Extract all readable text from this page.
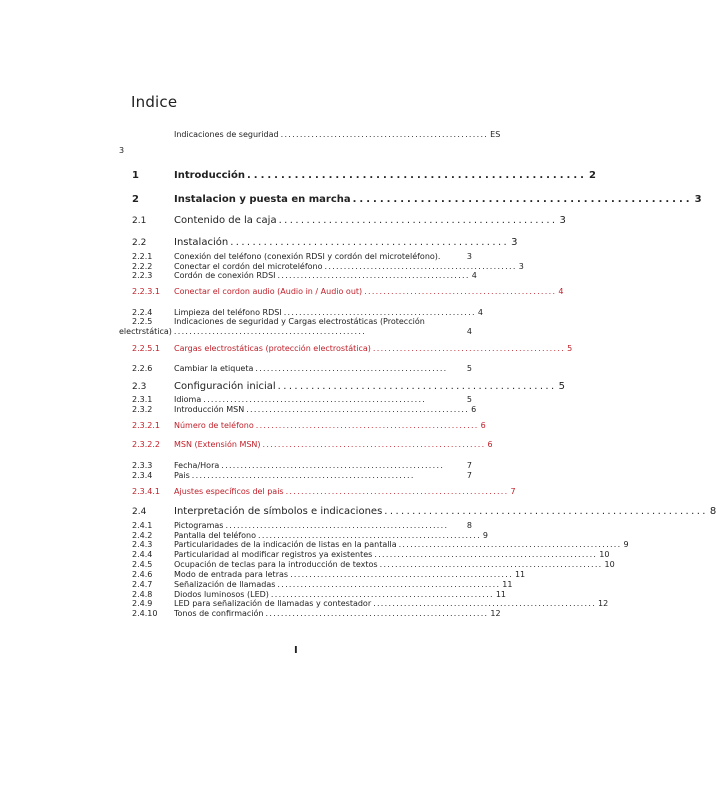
Indice
Indicaciones de seguridad ...................................................... ES
3
1	Introducción .................................................. 2
2	Instalacion y puesta en marcha .................................................. 3
2.1	Contenido de la caja .................................................. 3
2.2	Instalación .................................................. 3
2.2.1	Conexión del teléfono (conexión RDSI y cordón del microteléfono).	3
2.2.2	Conectar el cordón del microteléfono .................................................. 3
2.2.3	Cordón de conexión RDSI .................................................. 4
2.2.3.1 Conectar el cordon audio (Audio in / Audio out) .................................................. 4
2.2.4	Limpieza del teléfono RDSI .................................................. 4
2.2.5	Indicaciones de seguridad y Cargas electrostáticas (Protección
electrstática) ..................................................	4
2.2.5.1 Cargas electrostáticas (protección electrostática) .................................................. 5
2.2.6	Cambiar la etiqueta ..................................................	5
2.3	Configuración inicial .................................................. 5
2.3.1	Idioma ..........................................................	5
2.3.2	Introducción MSN .......................................................... 6
2.3.2.1 Número de teléfono .......................................................... 6
2.3.2.2 MSN (Extensión MSN) .......................................................... 6
2.3.3	Fecha/Hora ..........................................................	7
2.3.4	Pais ..........................................................	7
2.3.4.1 Ajustes específicos del pais .......................................................... 7
2.4	Interpretación de símbolos e indicaciones .......................................................... 8
2.4.1	Pictogramas ..........................................................	8
2.4.2	Pantalla del teléfono .......................................................... 9
2.4.3	Particularidades de la indicación de listas en la pantalla .......................................................... 9
2.4.4	Particularidad al modificar registros ya existentes .......................................................... 10
2.4.5	Ocupación de teclas para la introducción de textos .......................................................... 10
2.4.6	Modo de entrada para letras .......................................................... 11
2.4.7	Señalización de llamadas .......................................................... 11
2.4.8	Diodos luminosos (LED) .......................................................... 11
2.4.9	LED para señalización de llamadas y contestador .......................................................... 12
2.4.10 Tonos de confirmación .......................................................... 12
I
